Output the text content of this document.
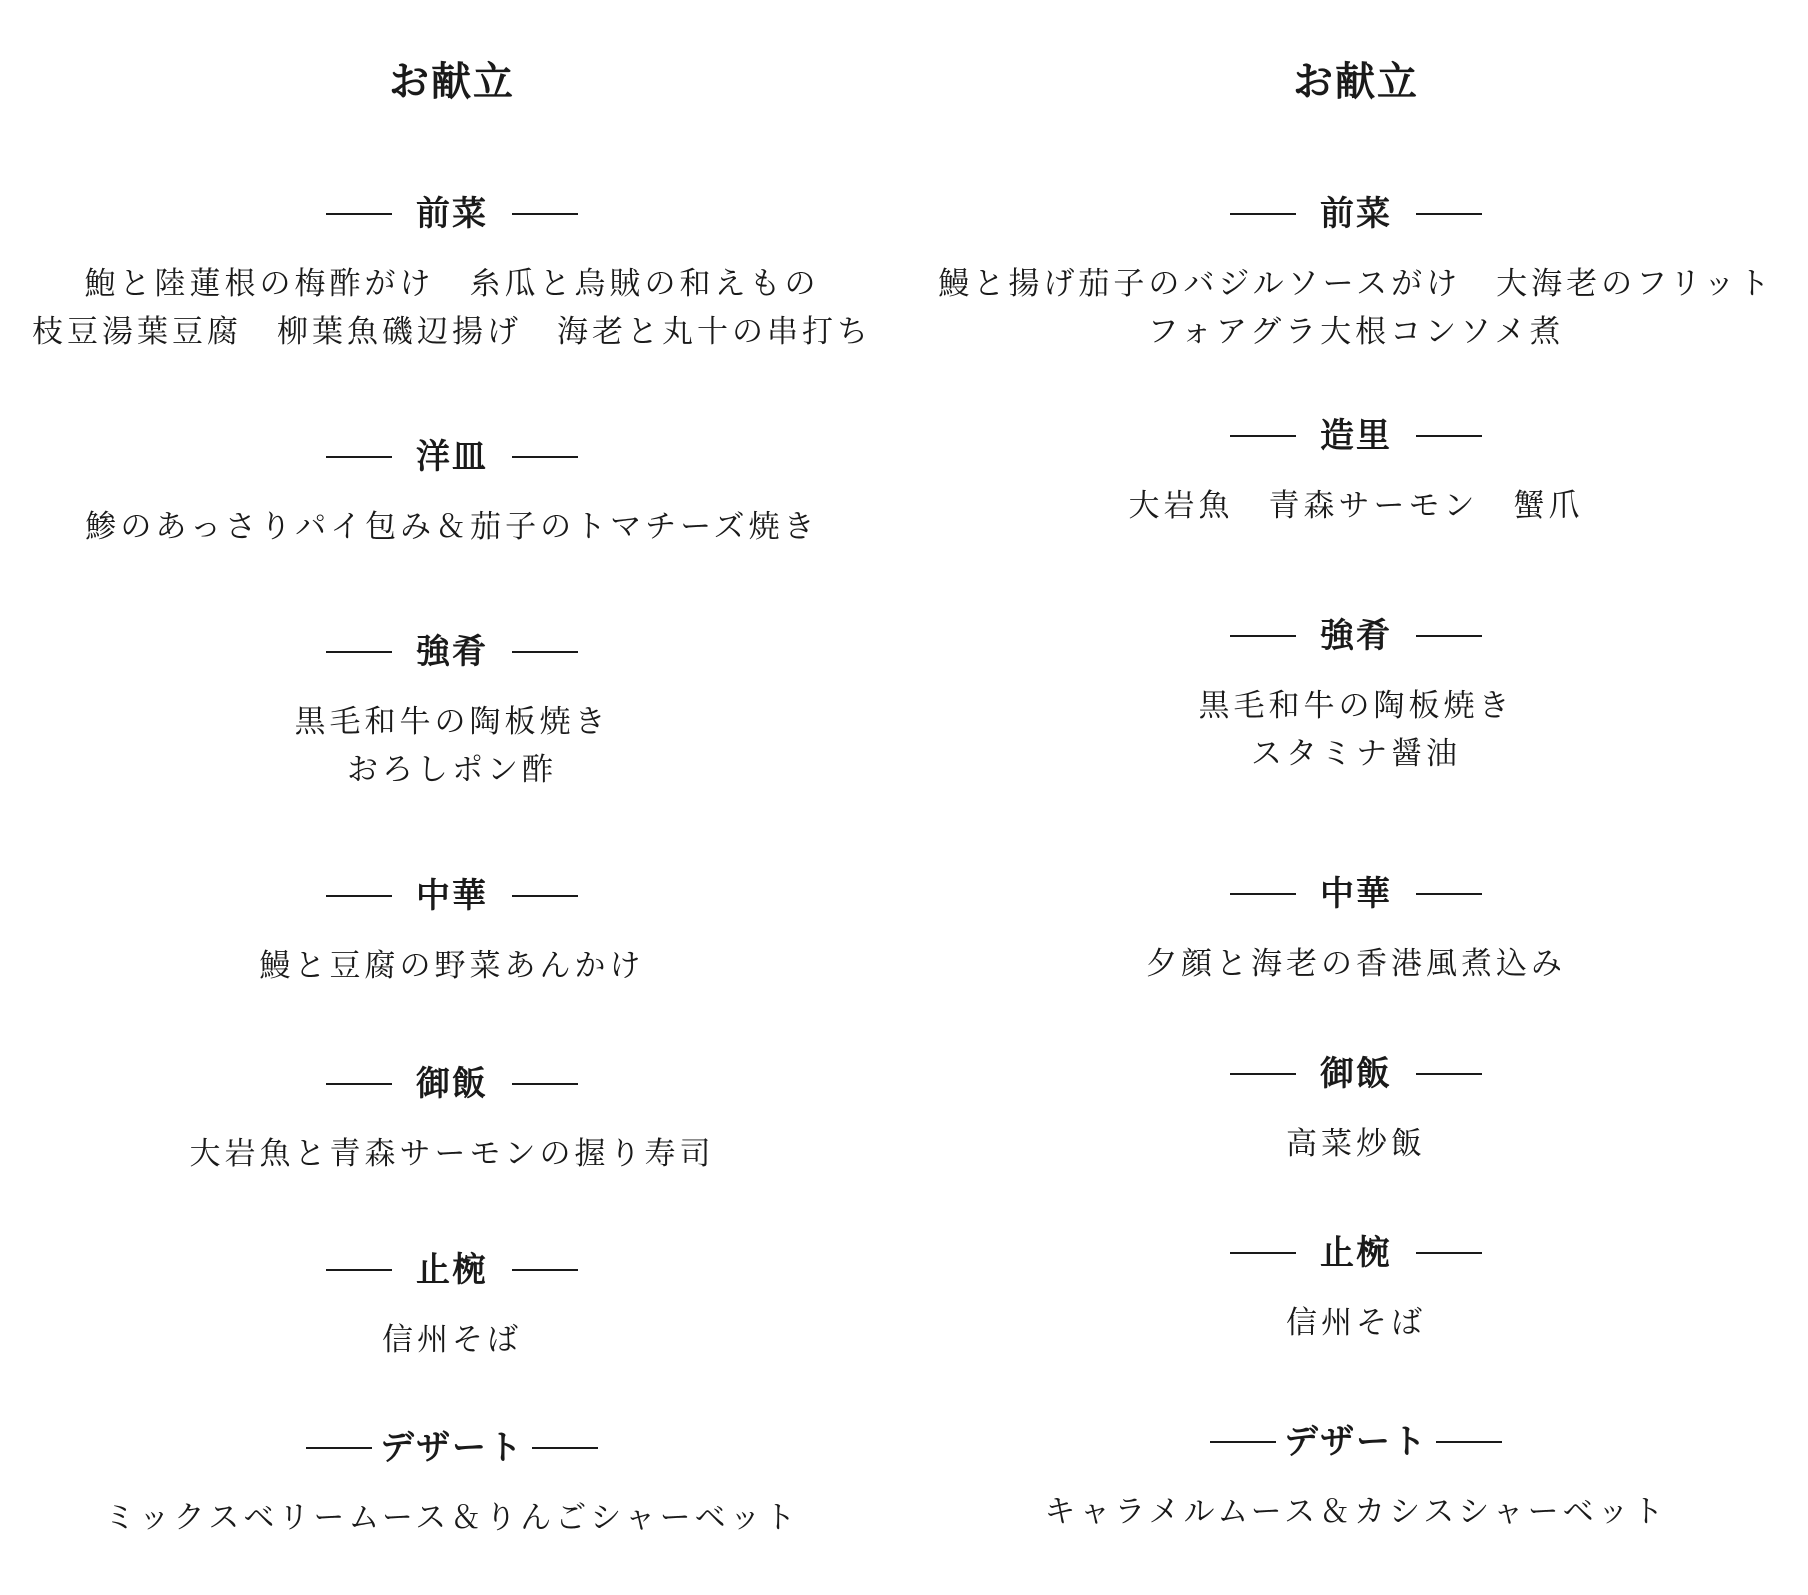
お献立
前菜
鮑と陸蓮根の梅酢がけ　糸瓜と烏賊の和えもの
枝豆湯葉豆腐　柳葉魚磯辺揚げ　海老と丸十の串打ち
洋皿
鯵のあっさりパイ包み＆茄子のトマチーズ焼き
強肴
黒毛和牛の陶板焼き
おろしポン酢
中華
鰻と豆腐の野菜あんかけ
御飯
大岩魚と青森サーモンの握り寿司
止椀
信州そば
デザート
ミックスベリームース＆りんごシャーベット
お献立
前菜
鰻と揚げ茄子のバジルソースがけ　大海老のフリット
フォアグラ大根コンソメ煮
造里
大岩魚　青森サーモン　蟹爪
強肴
黒毛和牛の陶板焼き
スタミナ醤油
中華
夕顔と海老の香港風煮込み
御飯
高菜炒飯
止椀
信州そば
デザート
キャラメルムース＆カシスシャーベット
